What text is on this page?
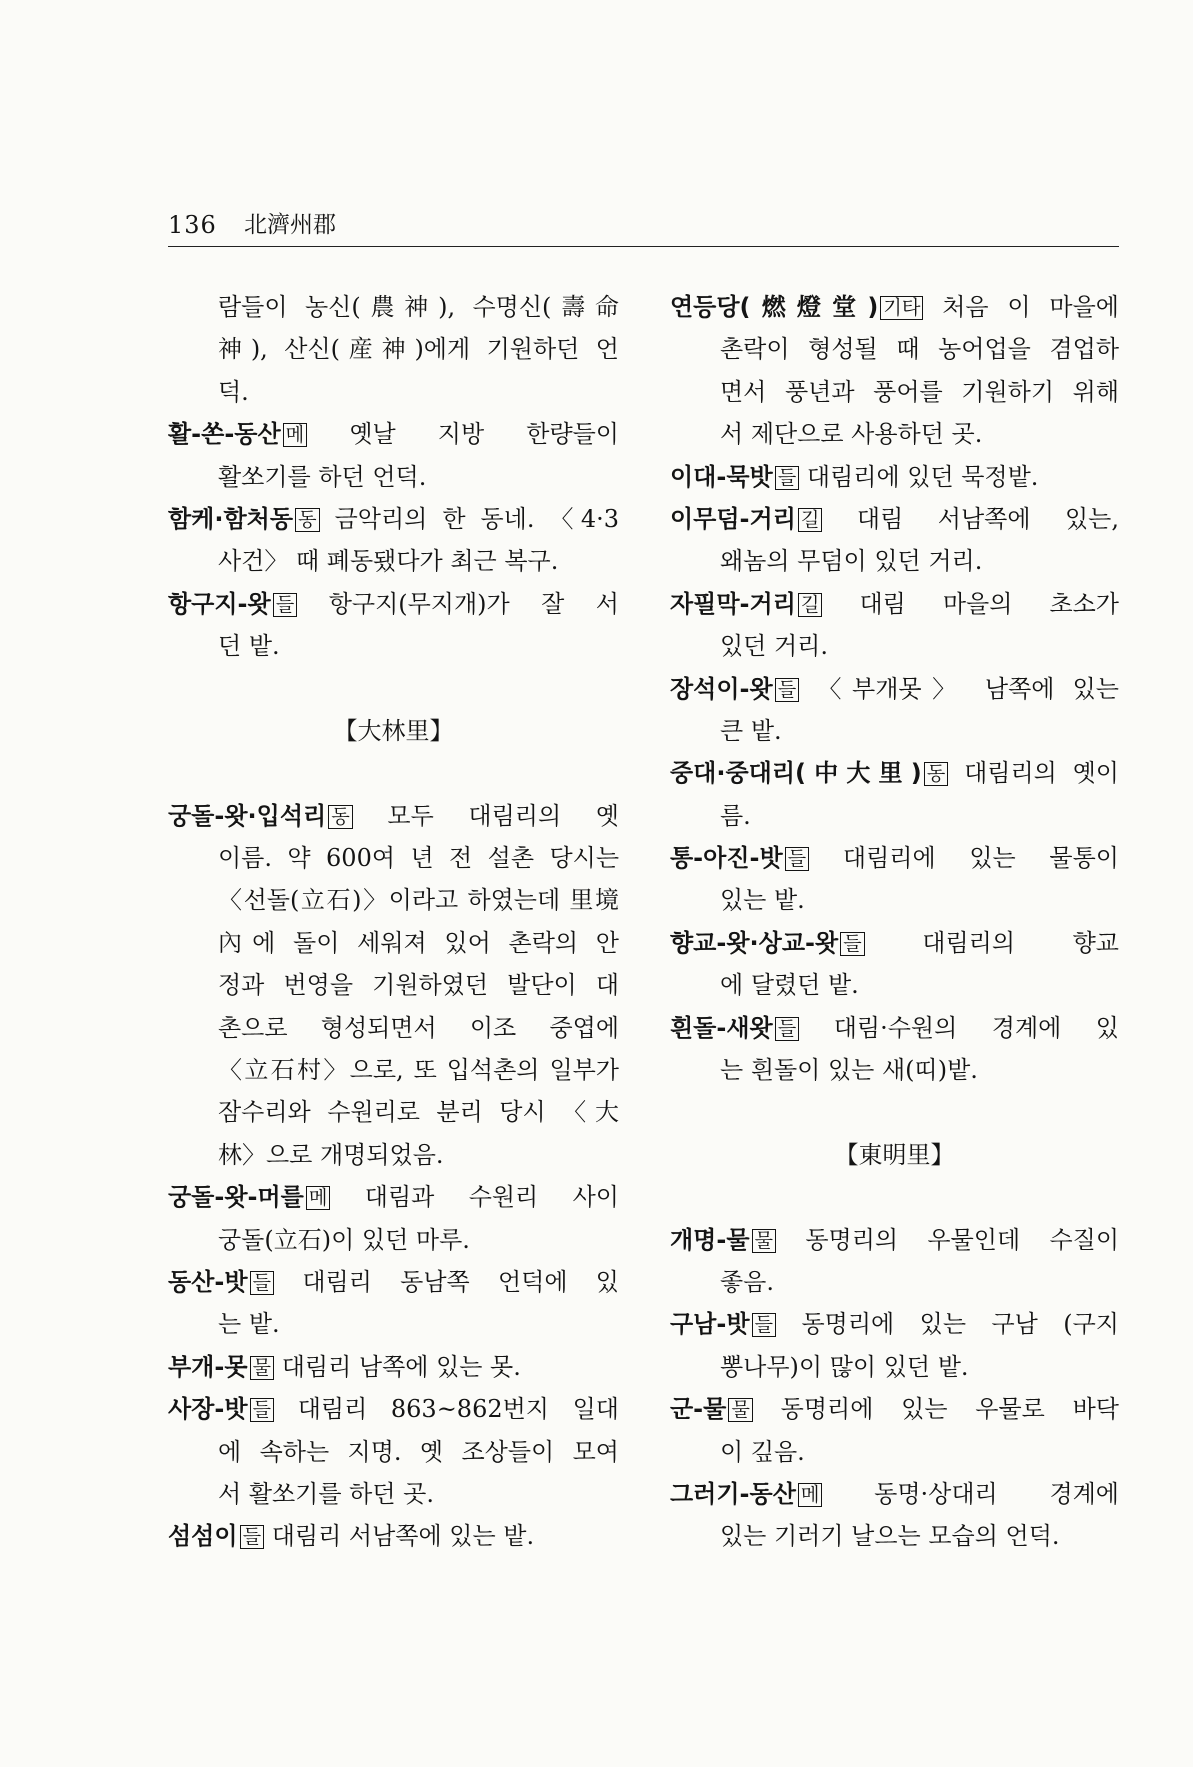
136 北濟州郡
람들이 농신(農神), 수명신(壽命
神), 산신(産神)에게 기원하던 언
덕.
활-쏜-동산 메 옛날 지방 한량들이
활쏘기를 하던 언덕.
함케·함처동 동 금악리의 한 동네. 〈4·3
사건〉 때 폐동됐다가 최근 복구.
항구지-왓 들 항구지(무지개)가 잘 서
던 밭.
【大林里】
궁돌-왓·입석리 동 모두 대림리의 옛
이름. 약 600여 년 전 설촌 당시는
〈선돌(立石)〉이라고 하였는데 里境
內에 돌이 세워져 있어 촌락의 안
정과 번영을 기원하였던 발단이 대
촌으로 형성되면서 이조 중엽에
〈立石村〉으로, 또 입석촌의 일부가
잠수리와 수원리로 분리 당시 〈大
林〉으로 개명되었음.
궁돌-왓-머를 메 대림과 수원리 사이
궁돌(立石)이 있던 마루.
동산-밧 들 대림리 동남쪽 언덕에 있
는 밭.
부개-못 물 대림리 남쪽에 있는 못.
사장-밧 들 대림리 863~862번지 일대
에 속하는 지명. 옛 조상들이 모여
서 활쏘기를 하던 곳.
섬섬이 들 대림리 서남쪽에 있는 밭.
연등당(燃燈堂) 기타 처음 이 마을에
촌락이 형성될 때 농어업을 겸업하
면서 풍년과 풍어를 기원하기 위해
서 제단으로 사용하던 곳.
이대-묵밧 들 대림리에 있던 묵정밭.
이무덤-거리 길 대림 서남쪽에 있는,
왜놈의 무덤이 있던 거리.
자필막-거리 길 대림 마을의 초소가
있던 거리.
장석이-왓 들 〈부개못〉 남쪽에 있는
큰 밭.
중대·중대리(中大里) 동 대림리의 옛이
름.
통-아진-밧 들 대림리에 있는 물통이
있는 밭.
향교-왓·상교-왓 들	대림리의 향교
에 달렸던 밭.
흰돌-새왓 들 대림·수원의 경계에 있
는 흰돌이 있는 새(띠)밭.
【東明里】
개명-물 물 동명리의 우물인데 수질이
좋음.
구남-밧 들 동명리에 있는 구남 (구지
뽕나무)이 많이 있던 밭.
군-물 물 동명리에 있는 우물로 바닥
이 깊음.
그러기-동산 메 동명·상대리 경계에
있는 기러기 날으는 모습의 언덕.
